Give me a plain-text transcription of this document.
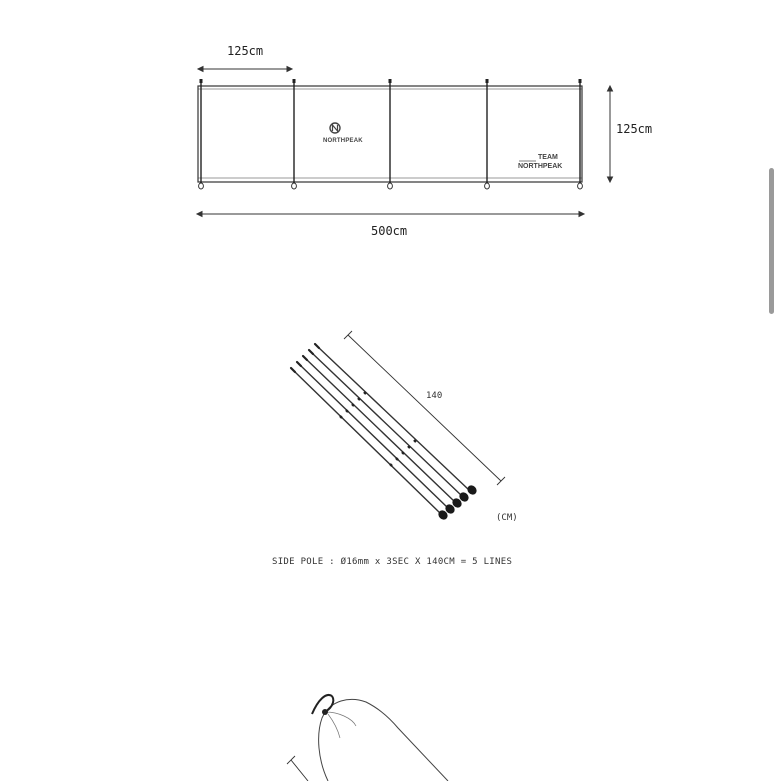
125cm
125cm
500cm
NORTHPEAK
TEAM
NORTHPEAK
140
(CM)
SIDE POLE : Ø16mm x 3SEC X 140CM = 5 LINES
